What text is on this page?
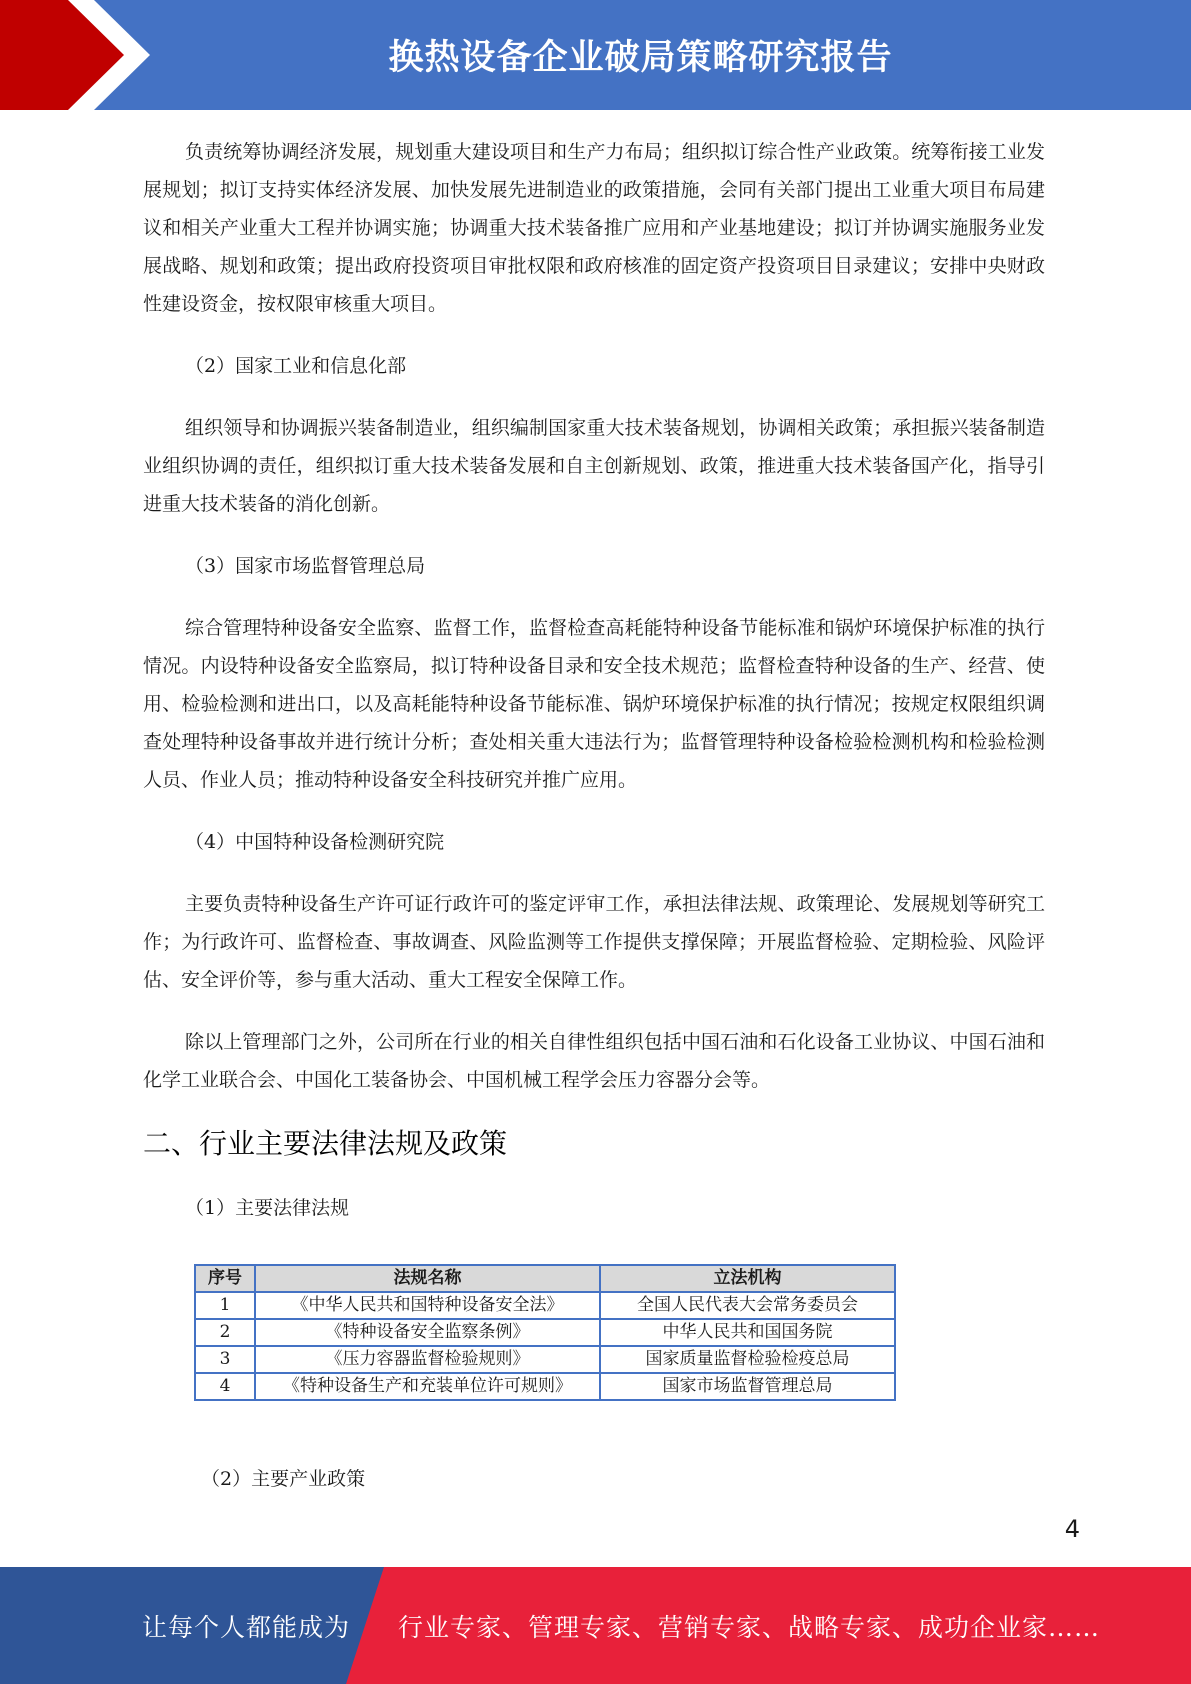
换热设备企业破局策略研究报告

负责统筹协调经济发展，规划重大建设项目和生产力布局；组织拟订综合性产业政策。统筹衔接工业发展规划；拟订支持实体经济发展、加快发展先进制造业的政策措施，会同有关部门提出工业重大项目布局建议和相关产业重大工程并协调实施；协调重大技术装备推广应用和产业基地建设；拟订并协调实施服务业发展战略、规划和政策；提出政府投资项目审批权限和政府核准的固定资产投资项目目录建议；安排中央财政性建设资金，按权限审核重大项目。

（2）国家工业和信息化部

组织领导和协调振兴装备制造业，组织编制国家重大技术装备规划，协调相关政策；承担振兴装备制造业组织协调的责任，组织拟订重大技术装备发展和自主创新规划、政策，推进重大技术装备国产化，指导引进重大技术装备的消化创新。

（3）国家市场监督管理总局

综合管理特种设备安全监察、监督工作，监督检查高耗能特种设备节能标准和锅炉环境保护标准的执行情况。内设特种设备安全监察局，拟订特种设备目录和安全技术规范；监督检查特种设备的生产、经营、使用、检验检测和进出口，以及高耗能特种设备节能标准、锅炉环境保护标准的执行情况；按规定权限组织调查处理特种设备事故并进行统计分析；查处相关重大违法行为；监督管理特种设备检验检测机构和检验检测人员、作业人员；推动特种设备安全科技研究并推广应用。

（4）中国特种设备检测研究院

主要负责特种设备生产许可证行政许可的鉴定评审工作，承担法律法规、政策理论、发展规划等研究工作；为行政许可、监督检查、事故调查、风险监测等工作提供支撑保障；开展监督检验、定期检验、风险评估、安全评价等，参与重大活动、重大工程安全保障工作。

除以上管理部门之外，公司所在行业的相关自律性组织包括中国石油和石化设备工业协议、中国石油和化学工业联合会、中国化工装备协会、中国机械工程学会压力容器分会等。

二、行业主要法律法规及政策

（1）主要法律法规

序号	法规名称	立法机构
1	《中华人民共和国特种设备安全法》	全国人民代表大会常务委员会
2	《特种设备安全监察条例》	中华人民共和国国务院
3	《压力容器监督检验规则》	国家质量监督检验检疫总局
4	《特种设备生产和充装单位许可规则》	国家市场监督管理总局
（2）主要产业政策
4
让每个人都能成为 行业专家、管理专家、营销专家、战略专家、成功企业家……
